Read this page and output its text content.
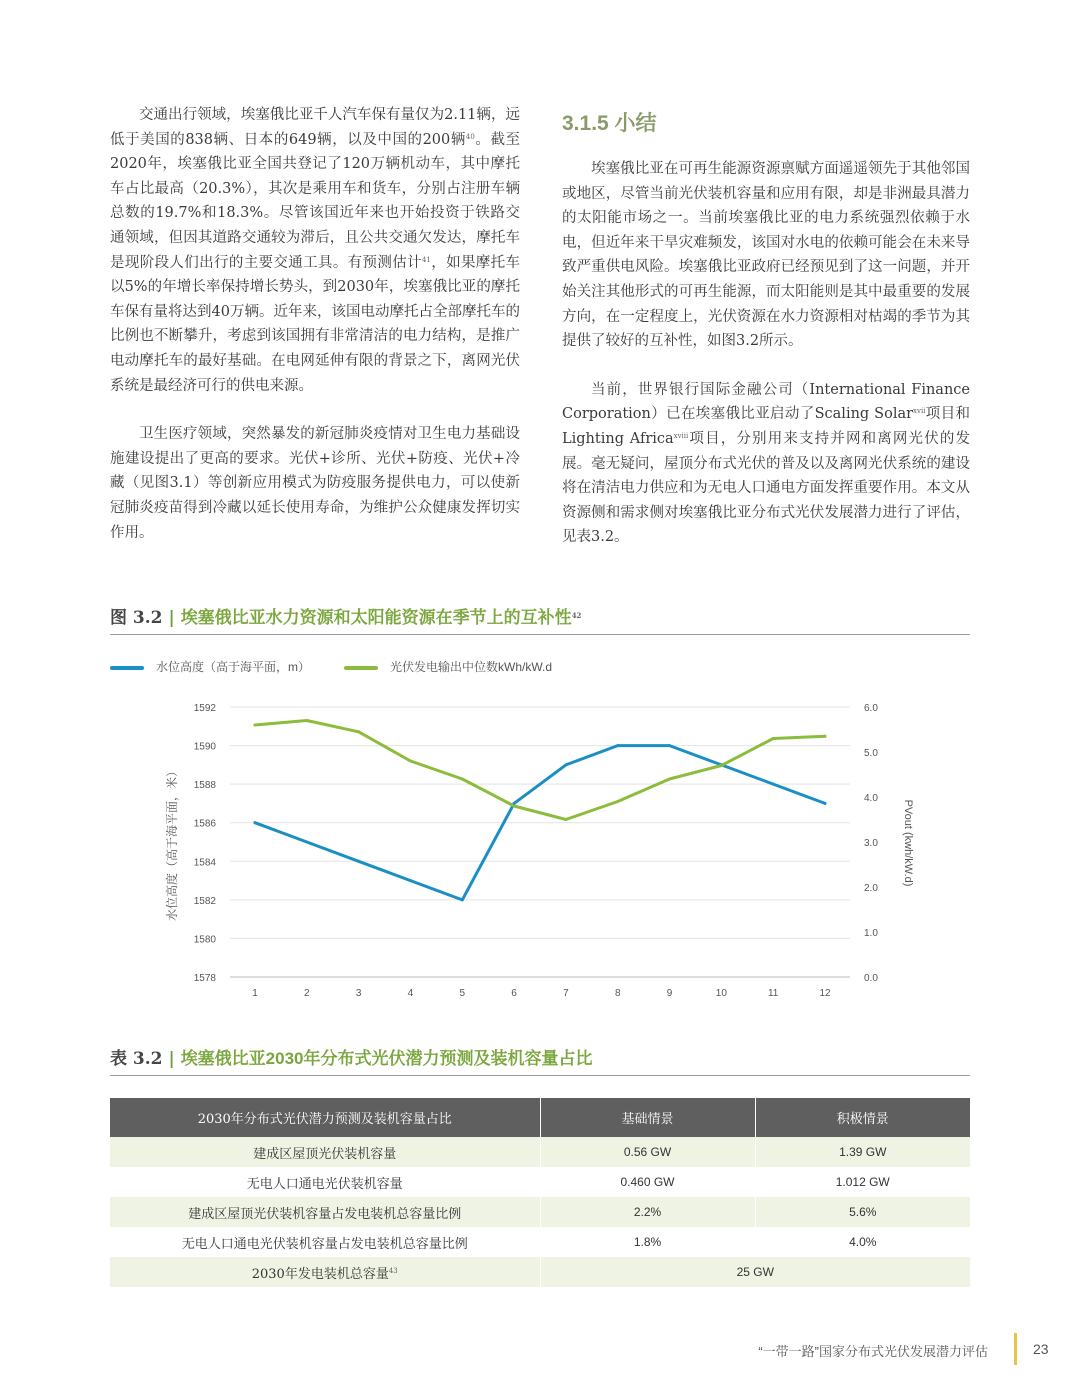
交通出行领域，埃塞俄比亚千人汽车保有量仅为2.11辆，远低于美国的838辆、日本的649辆，以及中国的200辆$^{40}$。截至2020年，埃塞俄比亚全国共登记了120万辆机动车，其中摩托车占比最高（20.3%），其次是乘用车和货车，分别占注册车辆总数的19.7%和18.3%。尽管该国近年来也开始投资于铁路交通领域，但因其道路交通较为滞后，且公共交通欠发达，摩托车是现阶段人们出行的主要交通工具。有预测估计$^{41}$，如果摩托车以5%的年增长率保持增长势头，到2030年，埃塞俄比亚的摩托车保有量将达到40万辆。近年来，该国电动摩托占全部摩托车的比例也不断攀升，考虑到该国拥有非常清洁的电力结构，是推广电动摩托车的最好基础。在电网延伸有限的背景之下，离网光伏系统是最经济可行的供电来源。

卫生医疗领域，突然暴发的新冠肺炎疫情对卫生电力基础设施建设提出了更高的要求。光伏+诊所、光伏+防疫、光伏+冷藏（见图3.1）等创新应用模式为防疫服务提供电力，可以使新冠肺炎疫苗得到冷藏以延长使用寿命，为维护公众健康发挥切实作用。

3.1.5 小结

埃塞俄比亚在可再生能源资源禀赋方面遥遥领先于其他邻国或地区，尽管当前光伏装机容量和应用有限，却是非洲最具潜力的太阳能市场之一。当前埃塞俄比亚的电力系统强烈依赖于水电，但近年来干旱灾难频发，该国对水电的依赖可能会在未来导致严重供电风险。埃塞俄比亚政府已经预见到了这一问题，并开始关注其他形式的可再生能源，而太阳能则是其中最重要的发展方向，在一定程度上，光伏资源在水力资源相对枯竭的季节为其提供了较好的互补性，如图3.2所示。

当前，世界银行国际金融公司（International Finance Corporation）已在埃塞俄比亚启动了Scaling Solar$^{xvii}$项目和Lighting Africa$^{xviii}$项目，分别用来支持并网和离网光伏的发展。毫无疑问，屋顶分布式光伏的普及以及离网光伏系统的建设将在清洁电力供应和为无电人口通电方面发挥重要作用。本文从资源侧和需求侧对埃塞俄比亚分布式光伏发展潜力进行了评估，见表3.2。

图 3.2 | 埃塞俄比亚水力资源和太阳能资源在季节上的互补性$^{42}$
水位高度（高于海平面，m）	光伏发电输出中位数kWh/kW.d
1578
1580
1582
1584
1586
1588
1590
1592
0.0
1.0
2.0
3.0
4.0
5.0
6.0
1	2	3	4	5	6	7	8	9	10	11	12
水位高度（高于海平面，米）	PVout (kwh/kW.d)
表 3.2 | 埃塞俄比亚2030年分布式光伏潜力预测及装机容量占比
2030年分布式光伏潜力预测及装机容量占比	基础情景	积极情景
建成区屋顶光伏装机容量	0.56 GW	1.39 GW
无电人口通电光伏装机容量	0.460 GW	1.012 GW
建成区屋顶光伏装机容量占发电装机总容量比例	2.2%	5.6%
无电人口通电光伏装机容量占发电装机总容量比例	1.8%	4.0%
2030年发电装机总容量$^{43}$	25 GW	
“一带一路”国家分布式光伏发展潜力评估	23
